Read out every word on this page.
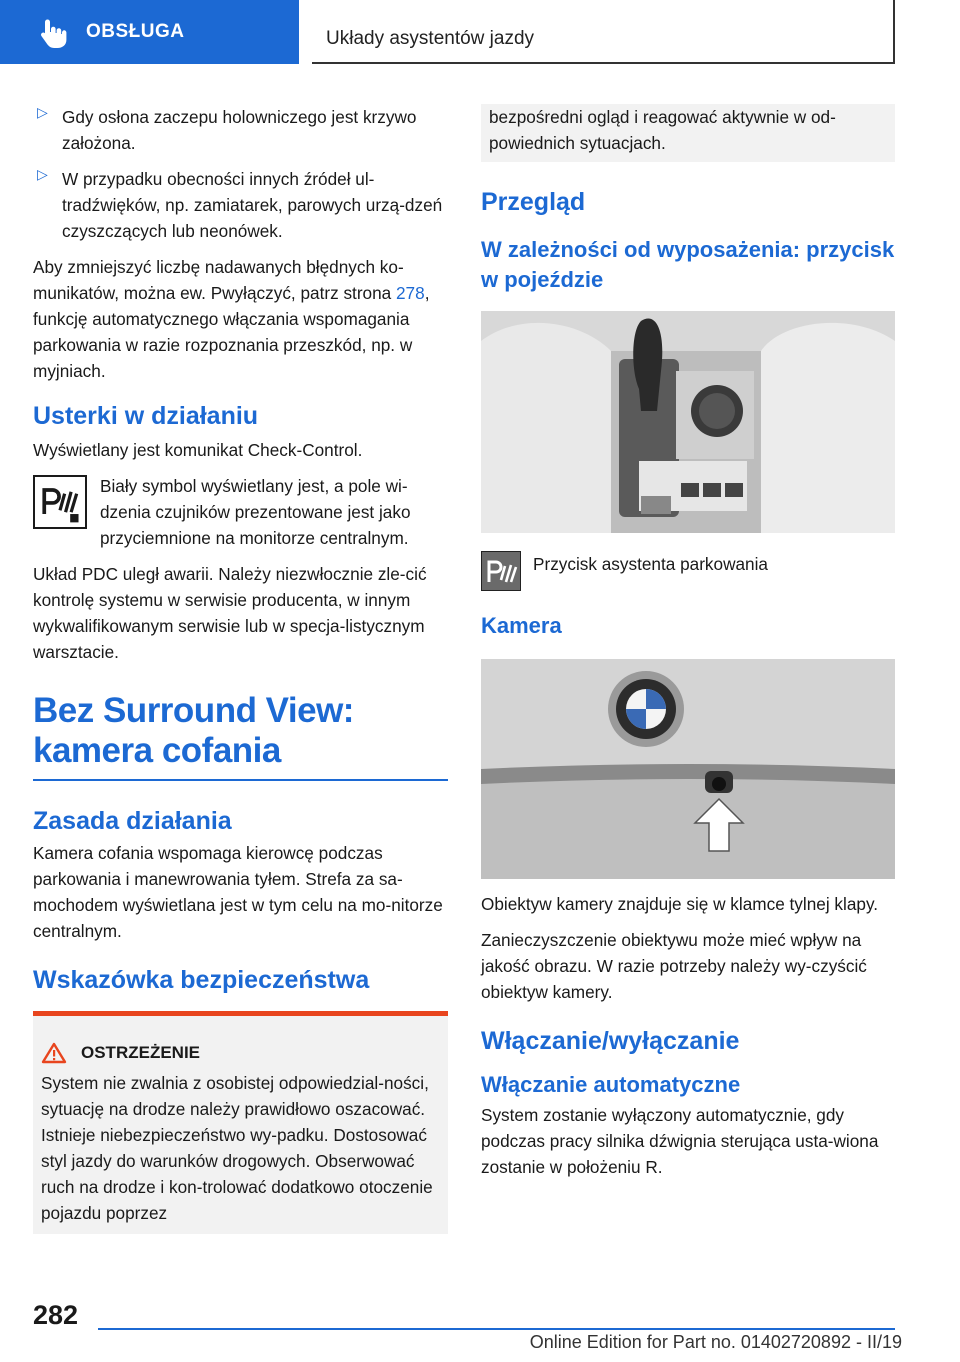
OBSŁUGA	Układy asystentów jazdy
▷ Gdy osłona zaczepu holowniczego jest krzywo założona.

▷ W przypadku obecności innych źródeł ul-tradźwięków, np. zamiatarek, parowych urzą-dzeń czyszczących lub neonówek.

Aby zmniejszyć liczbę nadawanych błędnych ko-munikatów, można ew. Pwyłączyć, patrz strona 278, funkcję automatycznego włączania wspomagania parkowania w razie rozpoznania przeszkód, np. w myjniach.

Usterki w działaniu

Wyświetlany jest komunikat Check-Control.

Biały symbol wyświetlany jest, a pole wi-dzenia czujników prezentowane jest jako przyciemnione na monitorze centralnym.

Układ PDC uległ awarii. Należy niezwłocznie zle-cić kontrolę systemu w serwisie producenta, w innym wykwalifikowanym serwisie lub w specja-listycznym warsztacie.

Bez Surround View: kamera cofania
Zasada działania

Kamera cofania wspomaga kierowcę podczas parkowania i manewrowania tyłem. Strefa za sa-mochodem wyświetlana jest w tym celu na mo-nitorze centralnym.

Wskazówka bezpieczeństwa
OSTRZEŻENIE

System nie zwalnia z osobistej odpowiedzial-ności, sytuację na drodze należy prawidłowo oszacować. Istnieje niebezpieczeństwo wy-padku. Dostosować styl jazdy do warunków drogowych. Obserwować ruch na drodze i kon-trolować dodatkowo otoczenie pojazdu poprzez

bezpośredni ogląd i reagować aktywnie w od-powiednich sytuacjach.

Przegląd
W zależności od wyposażenia: przycisk w pojeździe

Przycisk asystenta parkowania

Kamera

Obiektyw kamery znajduje się w klamce tylnej klapy.

Zanieczyszczenie obiektywu może mieć wpływ na jakość obrazu. W razie potrzeby należy wy-czyścić obiektyw kamery.

Włączanie/wyłączanie
Włączanie automatyczne

System zostanie wyłączony automatycznie, gdy podczas pracy silnika dźwignia sterująca usta-wiona zostanie w położeniu R.

282
Online Edition for Part no. 01402720892 - II/19
